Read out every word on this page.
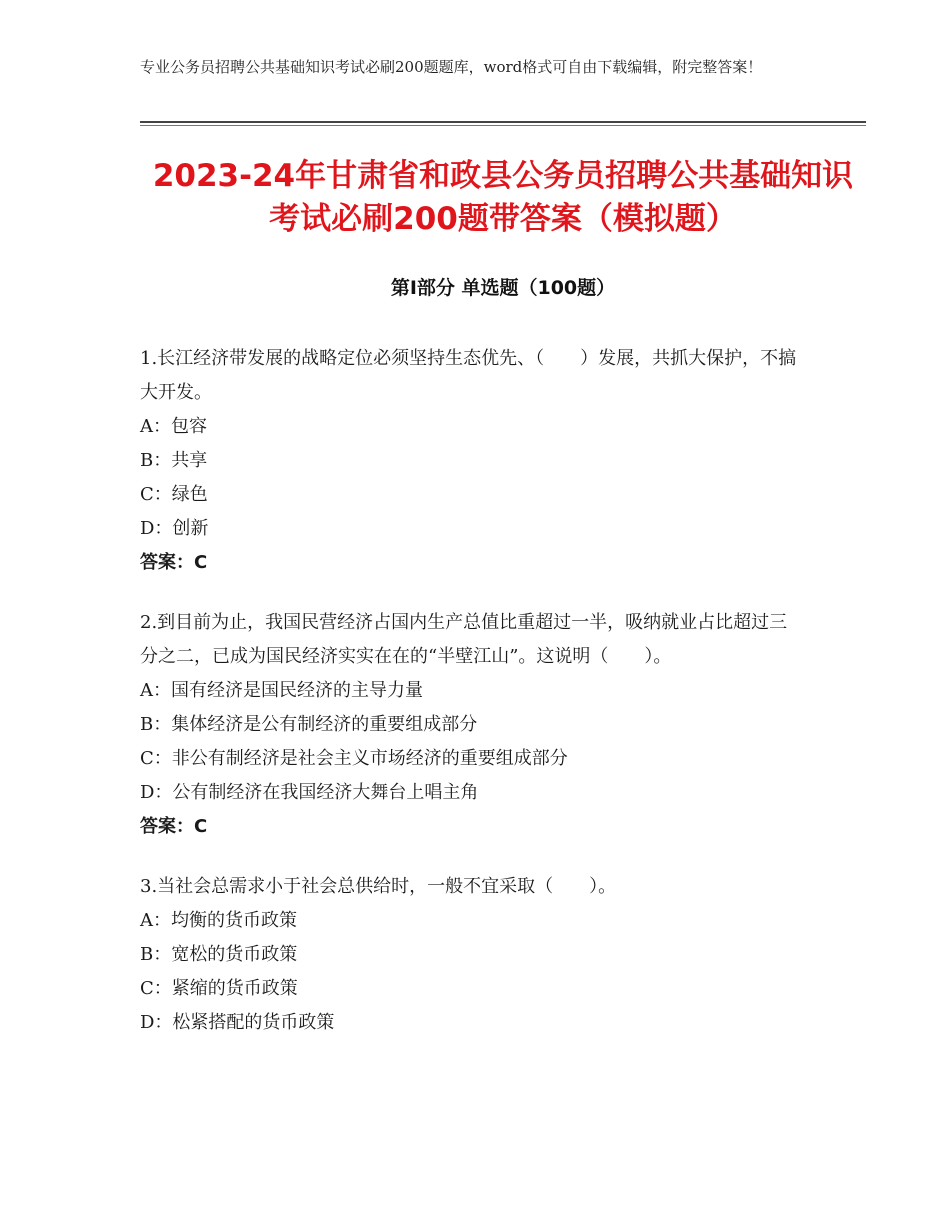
专业公务员招聘公共基础知识考试必刷200题题库，word格式可自由下载编辑，附完整答案！
2023-24年甘肃省和政县公务员招聘公共基础知识考试必刷200题带答案（模拟题）
第Ⅰ部分 单选题（100题）

1.长江经济带发展的战略定位必须坚持生态优先、（　　）发展，共抓大保护，不搞大开发。

A：包容

B：共享

C：绿色

D：创新

答案：C

2.到目前为止，我国民营经济占国内生产总值比重超过一半，吸纳就业占比超过三分之二，已成为国民经济实实在在的“半壁江山”。这说明（　　）。

A：国有经济是国民经济的主导力量

B：集体经济是公有制经济的重要组成部分

C：非公有制经济是社会主义市场经济的重要组成部分

D：公有制经济在我国经济大舞台上唱主角

答案：C

3.当社会总需求小于社会总供给时，一般不宜采取（　　）。

A：均衡的货币政策

B：宽松的货币政策

C：紧缩的货币政策

D：松紧搭配的货币政策
